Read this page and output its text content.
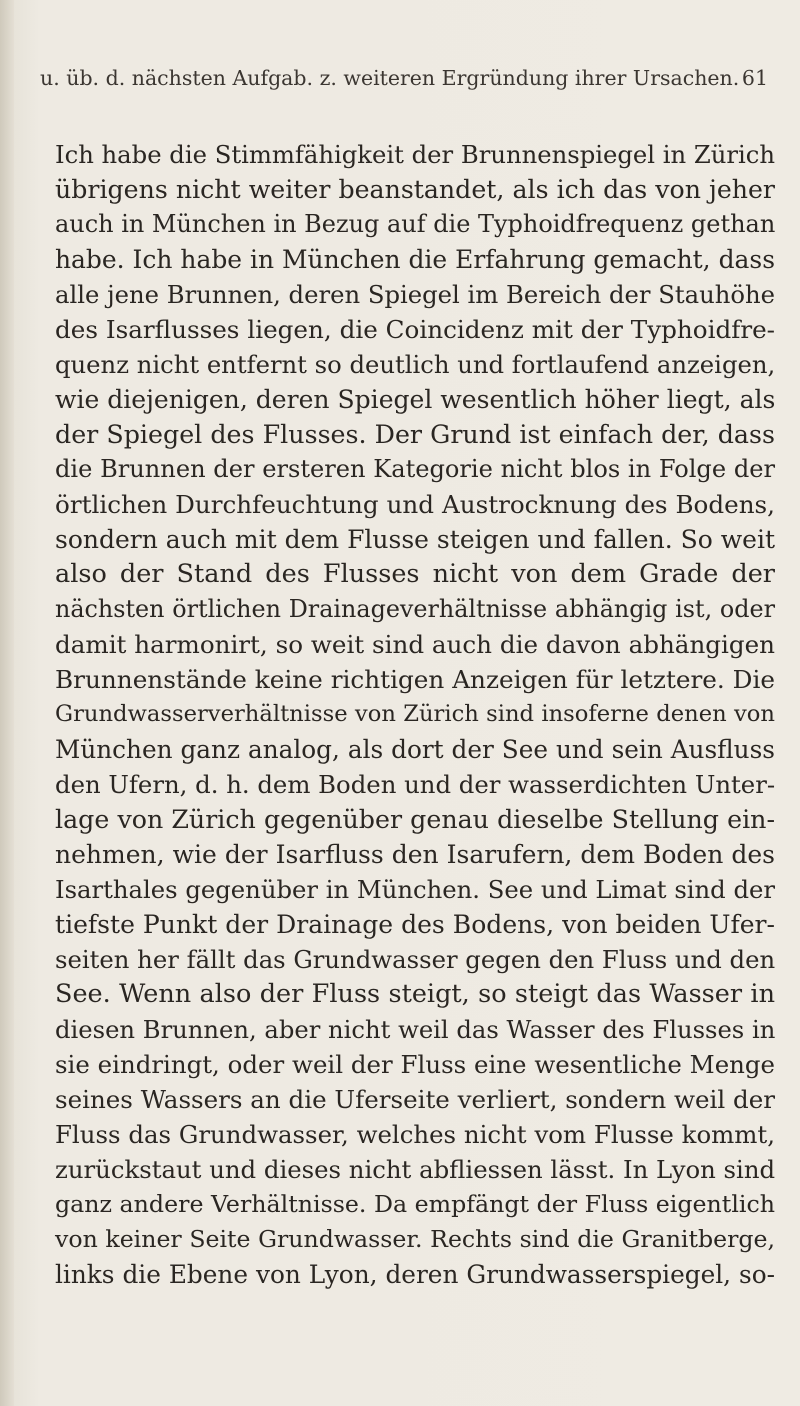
u. üb. d. nächsten Aufgab. z. weiteren Ergründung ihrer Ursachen. 61
Ich habe die Stimmfähigkeit der Brunnenspiegel in Zürich
übrigens nicht weiter beanstandet, als ich das von jeher
auch in München in Bezug auf die Typhoidfrequenz gethan
habe. Ich habe in München die Erfahrung gemacht, dass
alle jene Brunnen, deren Spiegel im Bereich der Stauhöhe
des Isarflusses liegen, die Coincidenz mit der Typhoidfre-
quenz nicht entfernt so deutlich und fortlaufend anzeigen,
wie diejenigen, deren Spiegel wesentlich höher liegt, als
der Spiegel des Flusses. Der Grund ist einfach der, dass
die Brunnen der ersteren Kategorie nicht blos in Folge der
örtlichen Durchfeuchtung und Austrocknung des Bodens,
sondern auch mit dem Flusse steigen und fallen. So weit
also der Stand des Flusses nicht von dem Grade der
nächsten örtlichen Drainageverhältnisse abhängig ist, oder
damit harmonirt, so weit sind auch die davon abhängigen
Brunnenstände keine richtigen Anzeigen für letztere. Die
Grundwasserverhältnisse von Zürich sind insoferne denen von
München ganz analog, als dort der See und sein Ausfluss
den Ufern, d. h. dem Boden und der wasserdichten Unter-
lage von Zürich gegenüber genau dieselbe Stellung ein-
nehmen, wie der Isarfluss den Isarufern, dem Boden des
Isarthales gegenüber in München. See und Limat sind der
tiefste Punkt der Drainage des Bodens, von beiden Ufer-
seiten her fällt das Grundwasser gegen den Fluss und den
See. Wenn also der Fluss steigt, so steigt das Wasser in
diesen Brunnen, aber nicht weil das Wasser des Flusses in
sie eindringt, oder weil der Fluss eine wesentliche Menge
seines Wassers an die Uferseite verliert, sondern weil der
Fluss das Grundwasser, welches nicht vom Flusse kommt,
zurückstaut und dieses nicht abfliessen lässt. In Lyon sind
ganz andere Verhältnisse. Da empfängt der Fluss eigentlich
von keiner Seite Grundwasser. Rechts sind die Granitberge,
links die Ebene von Lyon, deren Grundwasserspiegel, so-
